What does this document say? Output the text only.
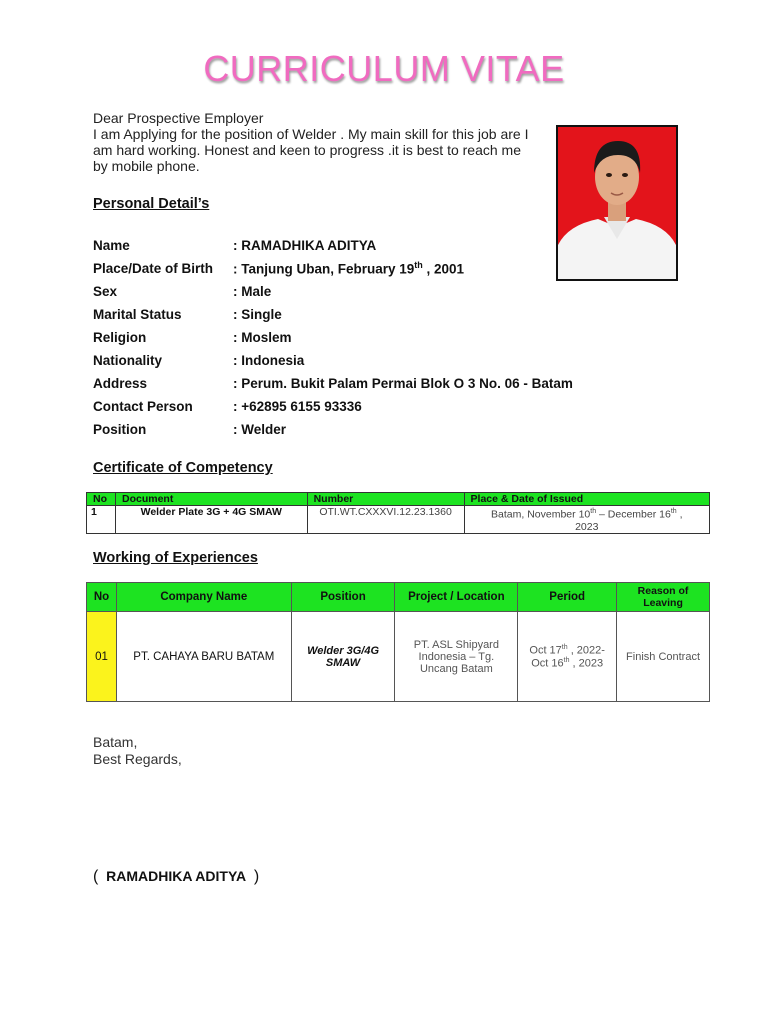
CURRICULUM VITAE
Dear Prospective Employer
I am Applying for the position of Welder . My main skill for this job are I
am hard working. Honest and keen to progress .it is best to reach me
by mobile phone.
Personal Detail’s
Name	: RAMADHIKA ADITYA
Place/Date of Birth	: Tanjung Uban, February 19th , 2001
Sex	: Male
Marital Status	: Single
Religion	: Moslem
Nationality	: Indonesia
Address	: Perum. Bukit Palam Permai Blok O 3 No. 06 - Batam
Contact Person	: +62895 6155 93336
Position	: Welder
Certificate of Competency
No	Document	Number	Place & Date of Issued
1	Welder Plate 3G + 4G SMAW	OTI.WT.CXXXVI.12.23.1360	Batam, November 10th – December 16th ,
2023
Working of Experiences
No	Company Name	Position	Project / Location	Period	Reason of Leaving
01	PT. CAHAYA BARU BATAM	Welder 3G/4G
SMAW	PT. ASL Shipyard
Indonesia – Tg.
Uncang Batam	Oct 17th , 2022-
Oct 16th , 2023	Finish Contract
Batam,
Best Regards,
( RAMADHIKA ADITYA )
